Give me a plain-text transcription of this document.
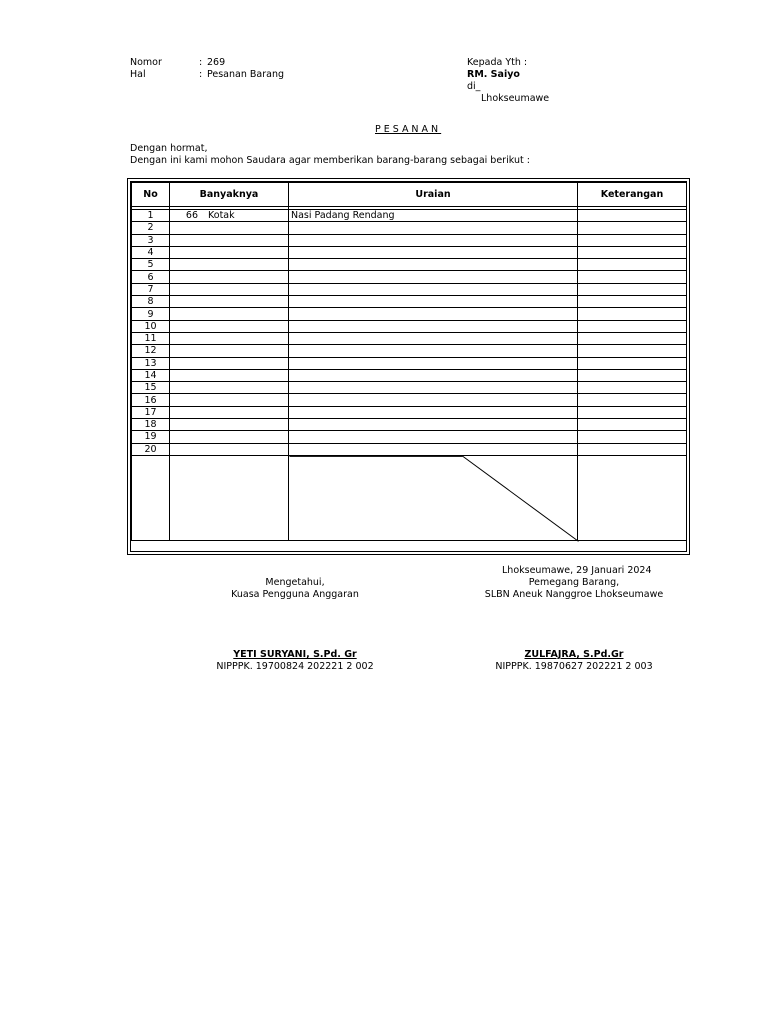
Nomor	: 269
Hal	: Pesanan Barang
Kepada Yth :
RM. Saiyo
di_
Lhokseumawe
PESANAN
Dengan hormat,
Dengan ini kami mohon Saudara agar memberikan barang-barang sebagai berikut :
No	Banyaknya	Uraian	Keterangan

1	66 Kotak	Nasi Padang Rendang	
2			
3			
4			
5			
6			
7			
8			
9			
10			
11			
12			
13			
14			
15			
16			
17			
18			
19			
20			

Lhokseumawe, 29 Januari 2024
Mengetahui,
Kuasa Pengguna Anggaran
YETI SURYANI, S.Pd. Gr
NIPPPK. 19700824 202221 2 002
Pemegang Barang,
SLBN Aneuk Nanggroe Lhokseumawe
ZULFAJRA, S.Pd.Gr
NIPPPK. 19870627 202221 2 003
